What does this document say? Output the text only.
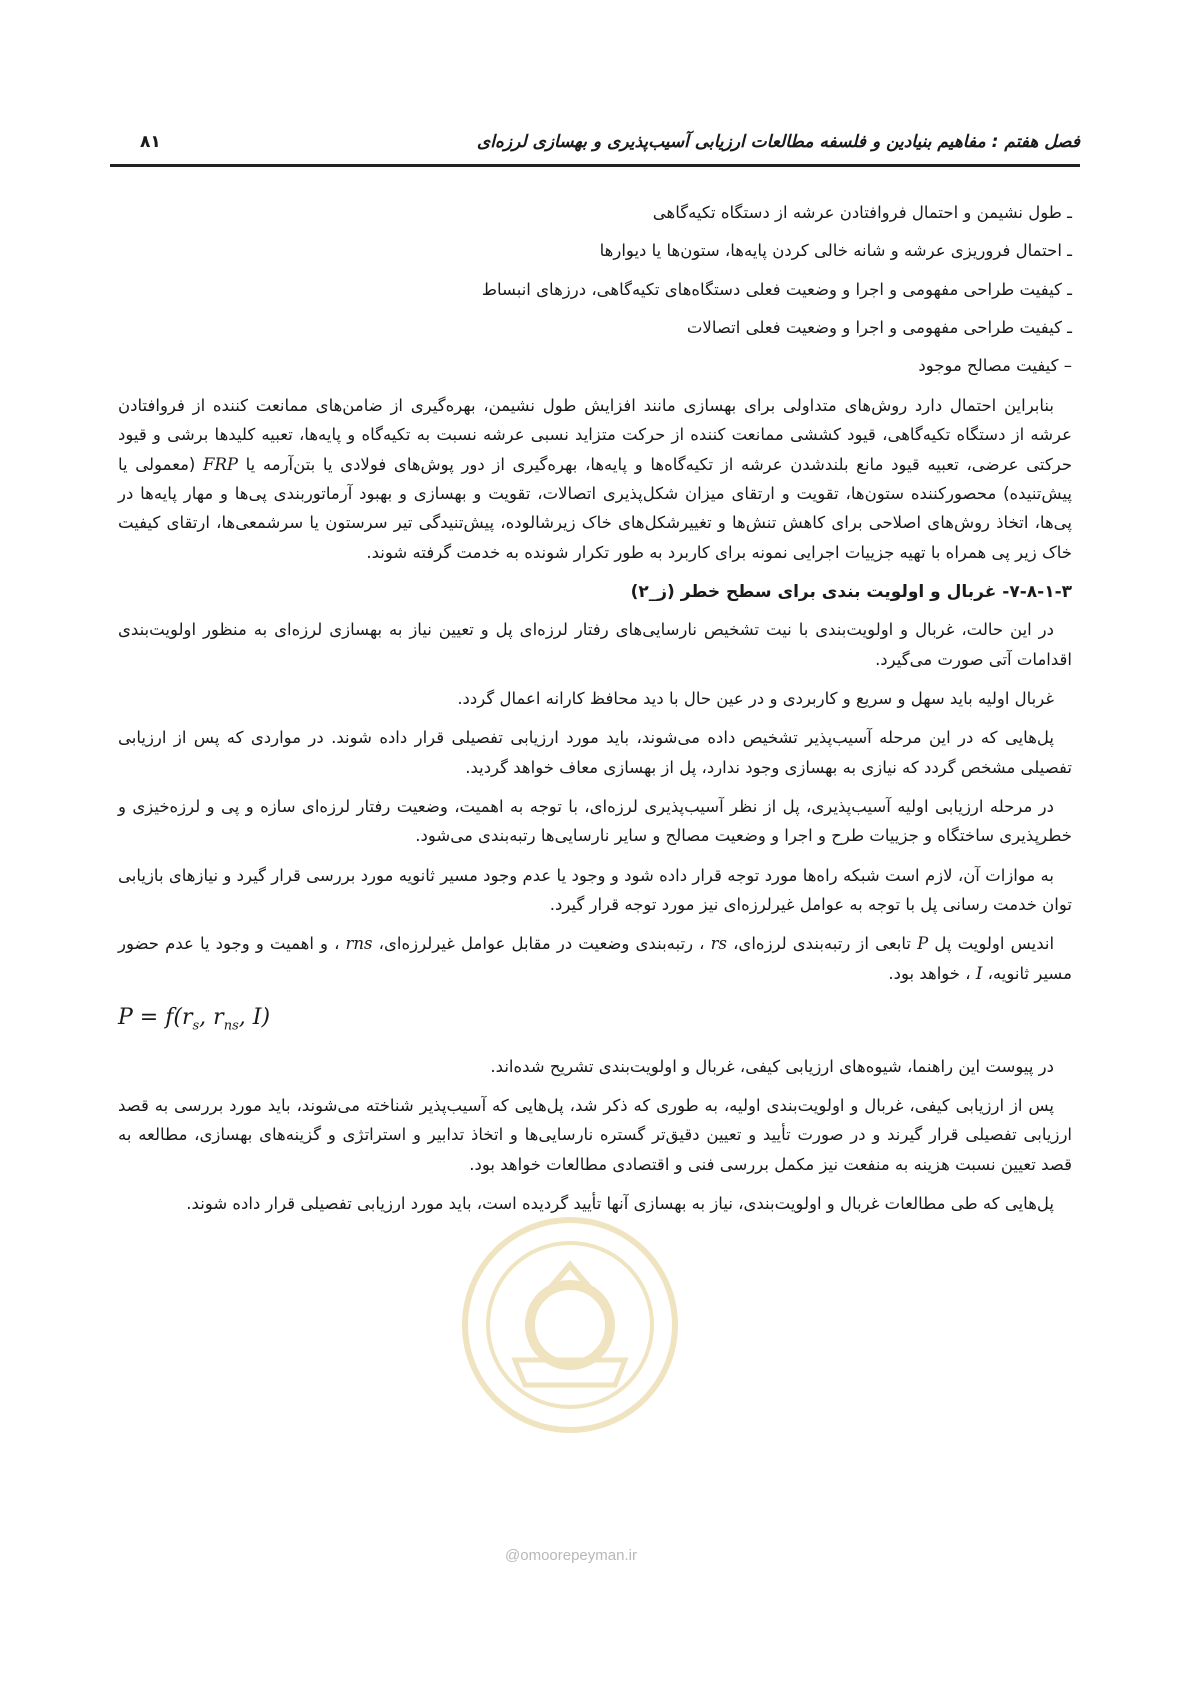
فصل هفتم : مفاهیم بنیادین و فلسفه مطالعات ارزیابی آسیب‌پذیری و بهسازی لرزه‌ای
۸۱
ـ طول نشیمن و احتمال فروافتادن عرشه از دستگاه تکیه‌گاهی
ـ احتمال فروریزی عرشه و شانه خالی کردن پایه‌ها، ستون‌ها یا دیوارها
ـ کیفیت طراحی مفهومی و اجرا و وضعیت فعلی دستگاه‌های تکیه‌گاهی، درزهای انبساط
ـ کیفیت طراحی مفهومی و اجرا و وضعیت فعلی اتصالات
– کیفیت مصالح موجود

بنابراین احتمال دارد روش‌های متداولی برای بهسازی مانند افزایش طول نشیمن، بهره‌گیری از ضامن‌های ممانعت کننده از فروافتادن عرشه از دستگاه تکیه‌گاهی، قیود کششی ممانعت کننده از حرکت متزاید نسبی عرشه نسبت به تکیه‌گاه و پایه‌ها، تعبیه کلیدها برشی و قیود حرکتی عرضی، تعبیه قیود مانع بلندشدن عرشه از تکیه‌گاه‌ها و پایه‌ها، بهره‌گیری از دور پوش‌های فولادی یا بتن‌آرمه یا FRP (معمولی یا پیش‌تنیده) محصورکننده ستون‌ها، تقویت و ارتقای میزان شکل‌پذیری اتصالات، تقویت و بهسازی و بهبود آرماتوربندی پی‌ها و مهار پایه‌ها در پی‌ها، اتخاذ روش‌های اصلاحی برای کاهش تنش‌ها و تغییرشکل‌های خاک زیرشالوده، پیش‌تنیدگی تیر سرستون یا سرشمعی‌ها، ارتقای کیفیت خاک زیر پی همراه با تهیه جزییات اجرایی نمونه برای کاربرد به طور تکرار شونده به خدمت گرفته شوند.

۷-۸-۱-۳- غربال و اولویت بندی برای سطح خطر (ز_۲)

در این حالت، غربال و اولویت‌بندی با نیت تشخیص نارسایی‌های رفتار لرزه‌ای پل و تعیین نیاز به بهسازی لرزه‌ای به منظور اولویت‌بندی اقدامات آتی صورت می‌گیرد.

غربال اولیه باید سهل و سریع و کاربردی و در عین حال با دید محافظ کارانه اعمال گردد.

پل‌هایی که در این مرحله آسیب‌پذیر تشخیص داده می‌شوند، باید مورد ارزیابی تفصیلی قرار داده شوند. در مواردی که پس از ارزیابی تفصیلی مشخص گردد که نیازی به بهسازی وجود ندارد، پل از بهسازی معاف خواهد گردید.

در مرحله ارزیابی اولیه آسیب‌پذیری، پل از نظر آسیب‌پذیری لرزه‌ای، با توجه به اهمیت، وضعیت رفتار لرزه‌ای سازه و پی و لرزه‌خیزی و خطرپذیری ساختگاه و جزییات طرح و اجرا و وضعیت مصالح و سایر نارسایی‌ها رتبه‌بندی می‌شود.

به موازات آن، لازم است شبکه راه‌ها مورد توجه قرار داده شود و وجود یا عدم وجود مسیر ثانویه مورد بررسی قرار گیرد و نیازهای بازیابی توان خدمت رسانی پل با توجه به عوامل غیرلرزه‌ای نیز مورد توجه قرار گیرد.

اندیس اولویت پل P تابعی از رتبه‌بندی لرزه‌ای، rs ، رتبه‌بندی وضعیت در مقابل عوامل غیرلرزه‌ای، rns ، و اهمیت و وجود یا عدم حضور مسیر ثانویه، I ، خواهد بود.

$P = f(r_s$, $r_{ns}$, I)

در پیوست این راهنما، شیوه‌های ارزیابی کیفی، غربال و اولویت‌بندی تشریح شده‌اند.

پس از ارزیابی کیفی، غربال و اولویت‌بندی اولیه، به طوری که ذکر شد، پل‌هایی که آسیب‌پذیر شناخته می‌شوند، باید مورد بررسی به قصد ارزیابی تفصیلی قرار گیرند و در صورت تأیید و تعیین دقیق‌تر گستره نارسایی‌ها و اتخاذ تدابیر و استراتژی و گزینه‌های بهسازی، مطالعه به قصد تعیین نسبت هزینه به منفعت نیز مکمل بررسی فنی و اقتصادی مطالعات خواهد بود.

پل‌هایی که طی مطالعات غربال و اولویت‌بندی، نیاز به بهسازی آنها تأیید گردیده است، باید مورد ارزیابی تفصیلی قرار داده شوند.

@omoorepeyman.ir
